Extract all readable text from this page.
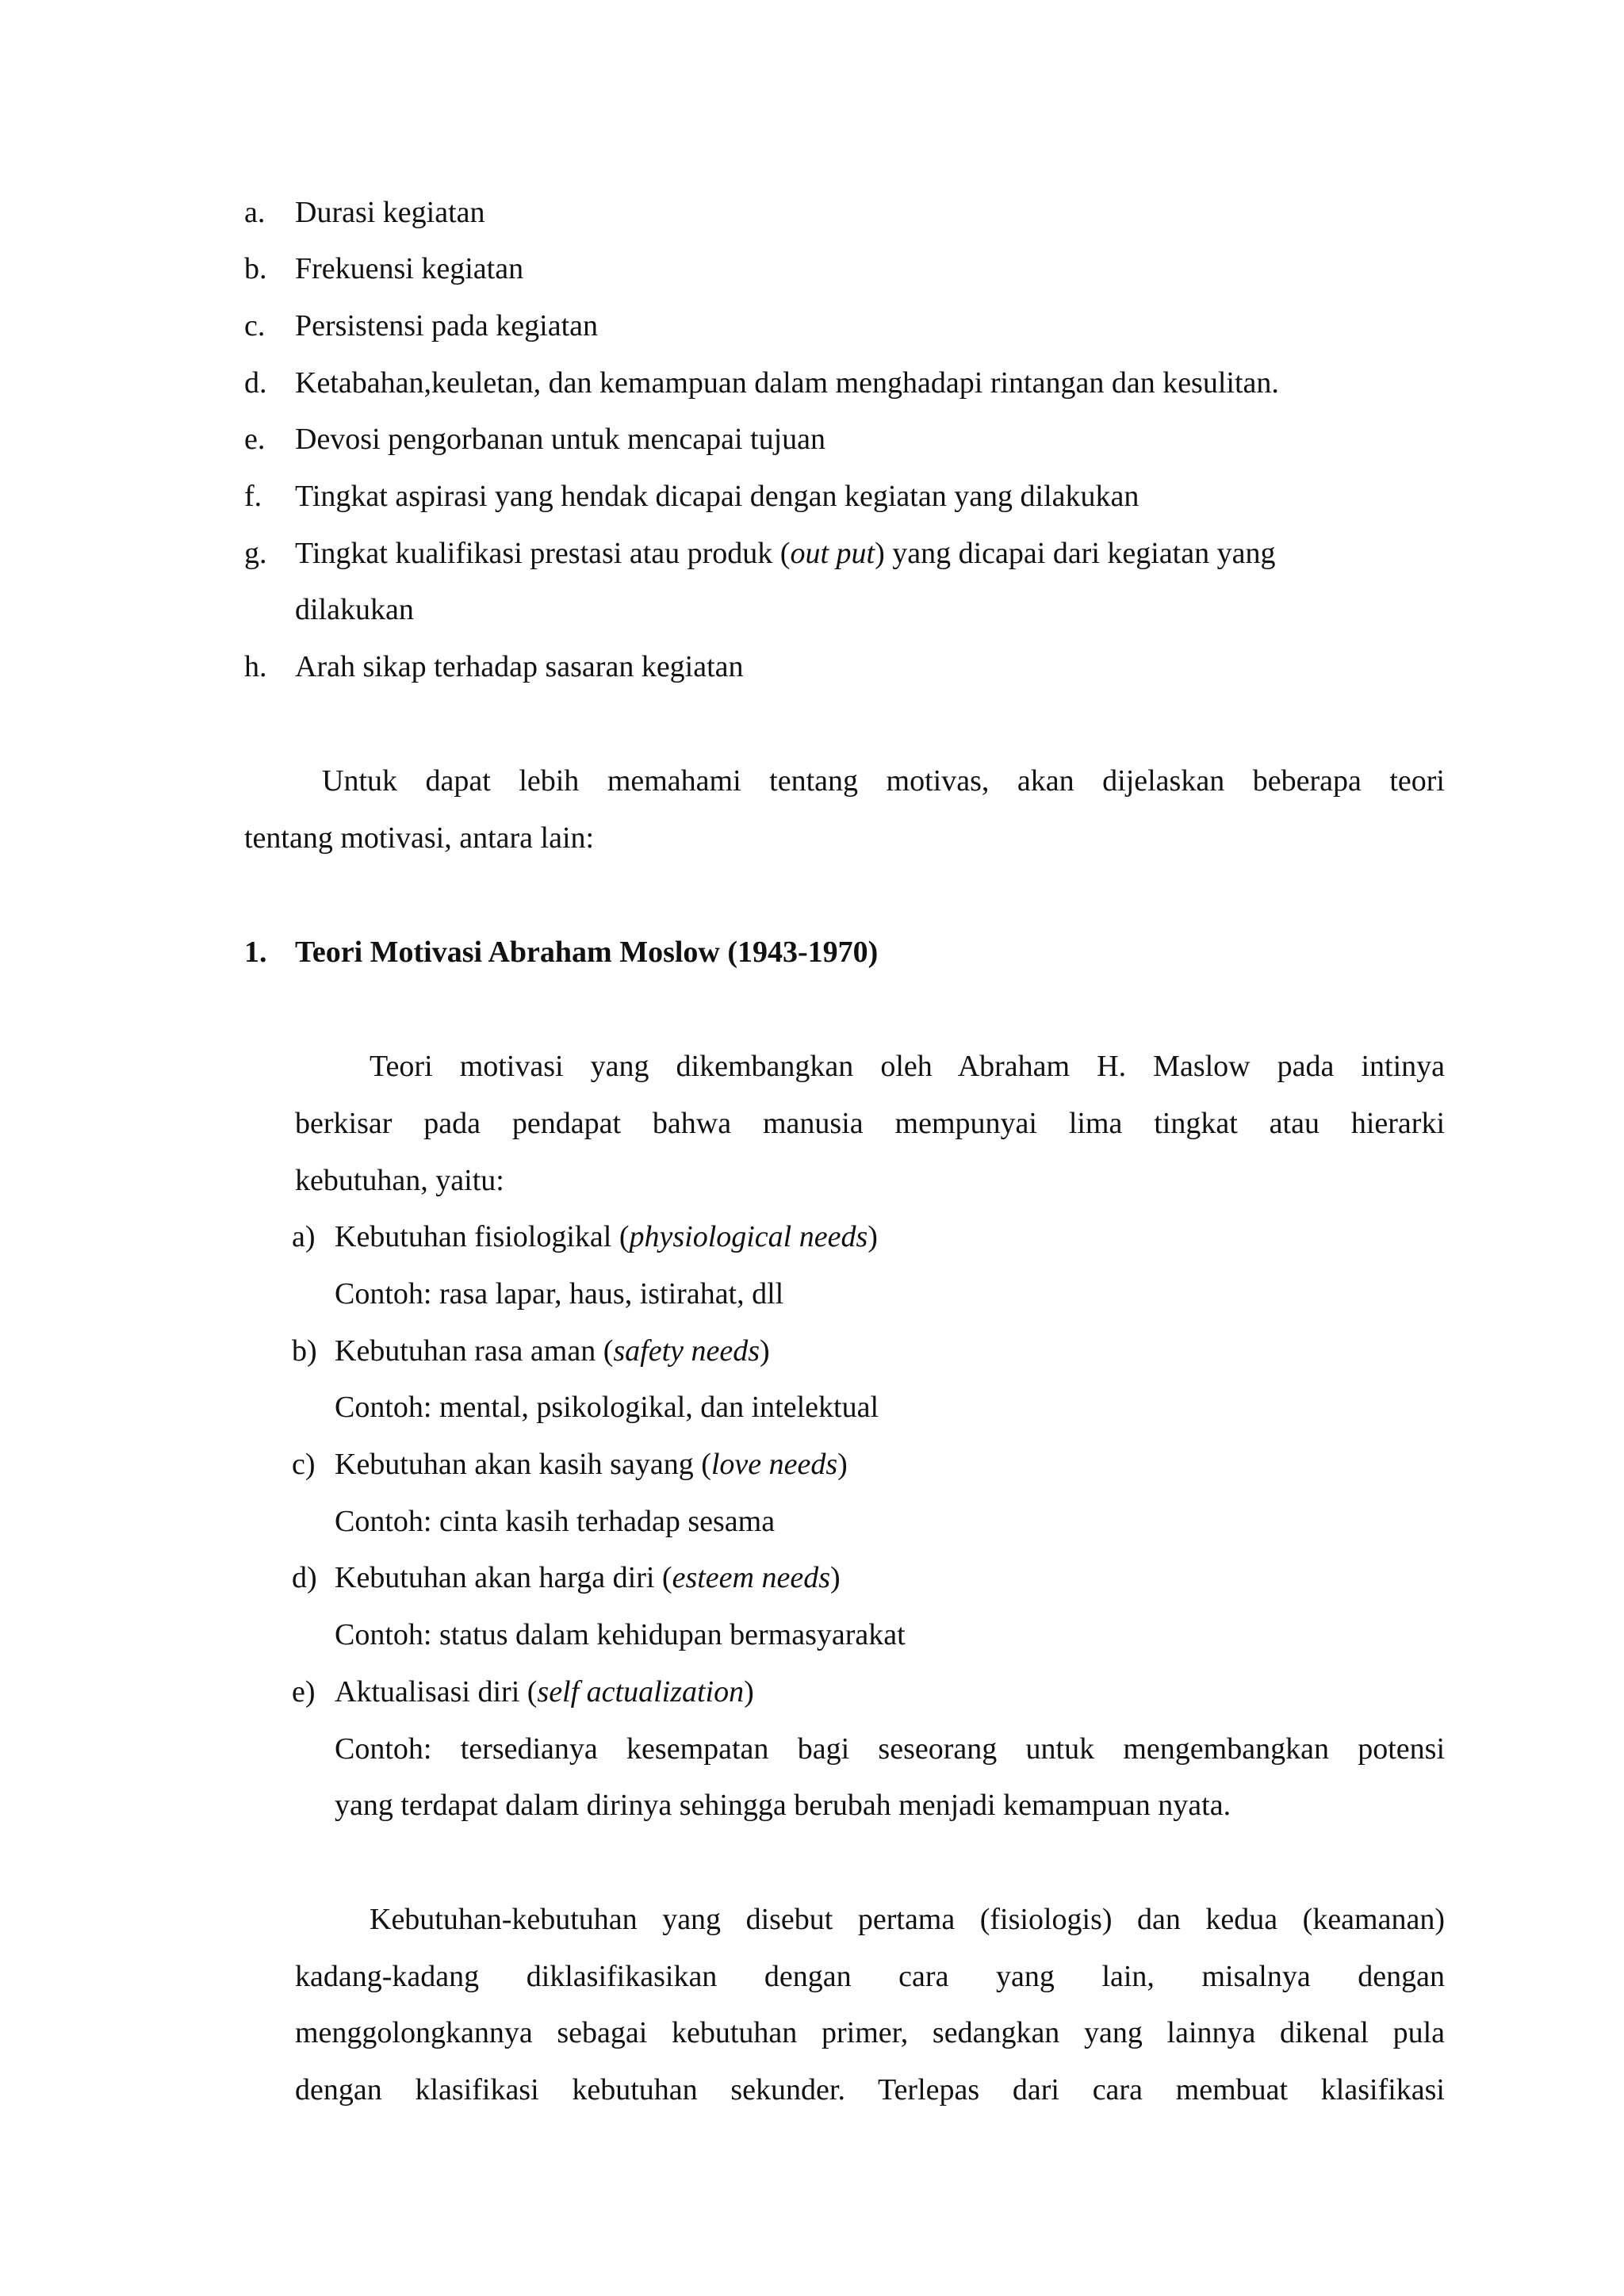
a. Durasi kegiatan
b. Frekuensi kegiatan
c. Persistensi pada kegiatan
d. Ketabahan,keuletan, dan kemampuan dalam menghadapi rintangan dan kesulitan.
e. Devosi pengorbanan untuk mencapai tujuan
f. Tingkat aspirasi yang hendak dicapai dengan kegiatan yang dilakukan
g. Tingkat kualifikasi prestasi atau produk (out put) yang dicapai dari kegiatan yang
dilakukan
h. Arah sikap terhadap sasaran kegiatan
Untuk dapat lebih memahami tentang motivas, akan dijelaskan beberapa teori
tentang motivasi, antara lain:
1. Teori Motivasi Abraham Moslow (1943-1970)
Teori motivasi yang dikembangkan oleh Abraham H. Maslow pada intinya
berkisar pada pendapat bahwa manusia mempunyai lima tingkat atau hierarki
kebutuhan, yaitu:
a) Kebutuhan fisiologikal (physiological needs)
Contoh: rasa lapar, haus, istirahat, dll
b) Kebutuhan rasa aman (safety needs)
Contoh: mental, psikologikal, dan intelektual
c) Kebutuhan akan kasih sayang (love needs)
Contoh: cinta kasih terhadap sesama
d) Kebutuhan akan harga diri (esteem needs)
Contoh: status dalam kehidupan bermasyarakat
e) Aktualisasi diri (self actualization)
Contoh: tersedianya kesempatan bagi seseorang untuk mengembangkan potensi
yang terdapat dalam dirinya sehingga berubah menjadi kemampuan nyata.
Kebutuhan-kebutuhan yang disebut pertama (fisiologis) dan kedua (keamanan)
kadang-kadang diklasifikasikan dengan cara yang lain, misalnya dengan
menggolongkannya sebagai kebutuhan primer, sedangkan yang lainnya dikenal pula
dengan klasifikasi kebutuhan sekunder. Terlepas dari cara membuat klasifikasi
